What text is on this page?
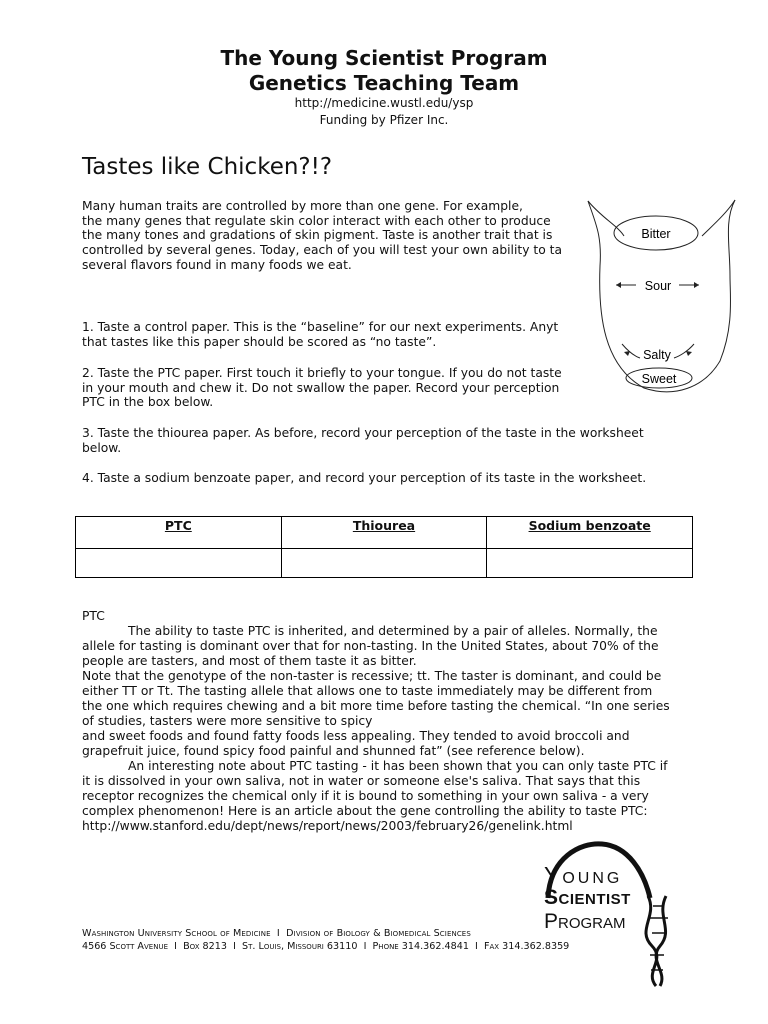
The Young Scientist Program
Genetics Teaching Team
http://medicine.wustl.edu/ysp
Funding by Pfizer Inc.
Tastes like Chicken?!?
Many human traits are controlled by more than one gene. For example,
the many genes that regulate skin color interact with each other to produce
the many tones and gradations of skin pigment. Taste is another trait that is
controlled by several genes. Today, each of you will test your own ability to ta
several flavors found in many foods we eat.
1. Taste a control paper. This is the “baseline” for our next experiments. Anyt
that tastes like this paper should be scored as “no taste”.
2. Taste the PTC paper. First touch it briefly to your tongue. If you do not taste
in your mouth and chew it. Do not swallow the paper. Record your perception
PTC in the box below.
3. Taste the thiourea paper. As before, record your perception of the taste in the worksheet
below.
4. Taste a sodium benzoate paper, and record your perception of its taste in the worksheet.
Bitter
Sour
Salty
Sweet
PTC	Thiourea	Sodium benzoate

PTC
The ability to taste PTC is inherited, and determined by a pair of alleles. Normally, the
allele for tasting is dominant over that for non-tasting. In the United States, about 70% of the
people are tasters, and most of them taste it as bitter.
Note that the genotype of the non-taster is recessive; tt. The taster is dominant, and could be
either TT or Tt. The tasting allele that allows one to taste immediately may be different from
the one which requires chewing and a bit more time before tasting the chemical. “In one series
of studies, tasters were more sensitive to spicy
and sweet foods and found fatty foods less appealing. They tended to avoid broccoli and
grapefruit juice, found spicy food painful and shunned fat” (see reference below).
An interesting note about PTC tasting - it has been shown that you can only taste PTC if
it is dissolved in your own saliva, not in water or someone else's saliva. That says that this
receptor recognizes the chemical only if it is bound to something in your own saliva - a very
complex phenomenon! Here is an article about the gene controlling the ability to taste PTC:
http://www.stanford.edu/dept/news/report/news/2003/february26/genelink.html
Washington University School of Medicine I Division of Biology & Biomedical Sciences
4566 Scott Avenue I Box 8213 I St. Louis, Missouri 63110 I Phone 314.362.4841 I Fax 314.362.8359
Young
Scientist
Program
